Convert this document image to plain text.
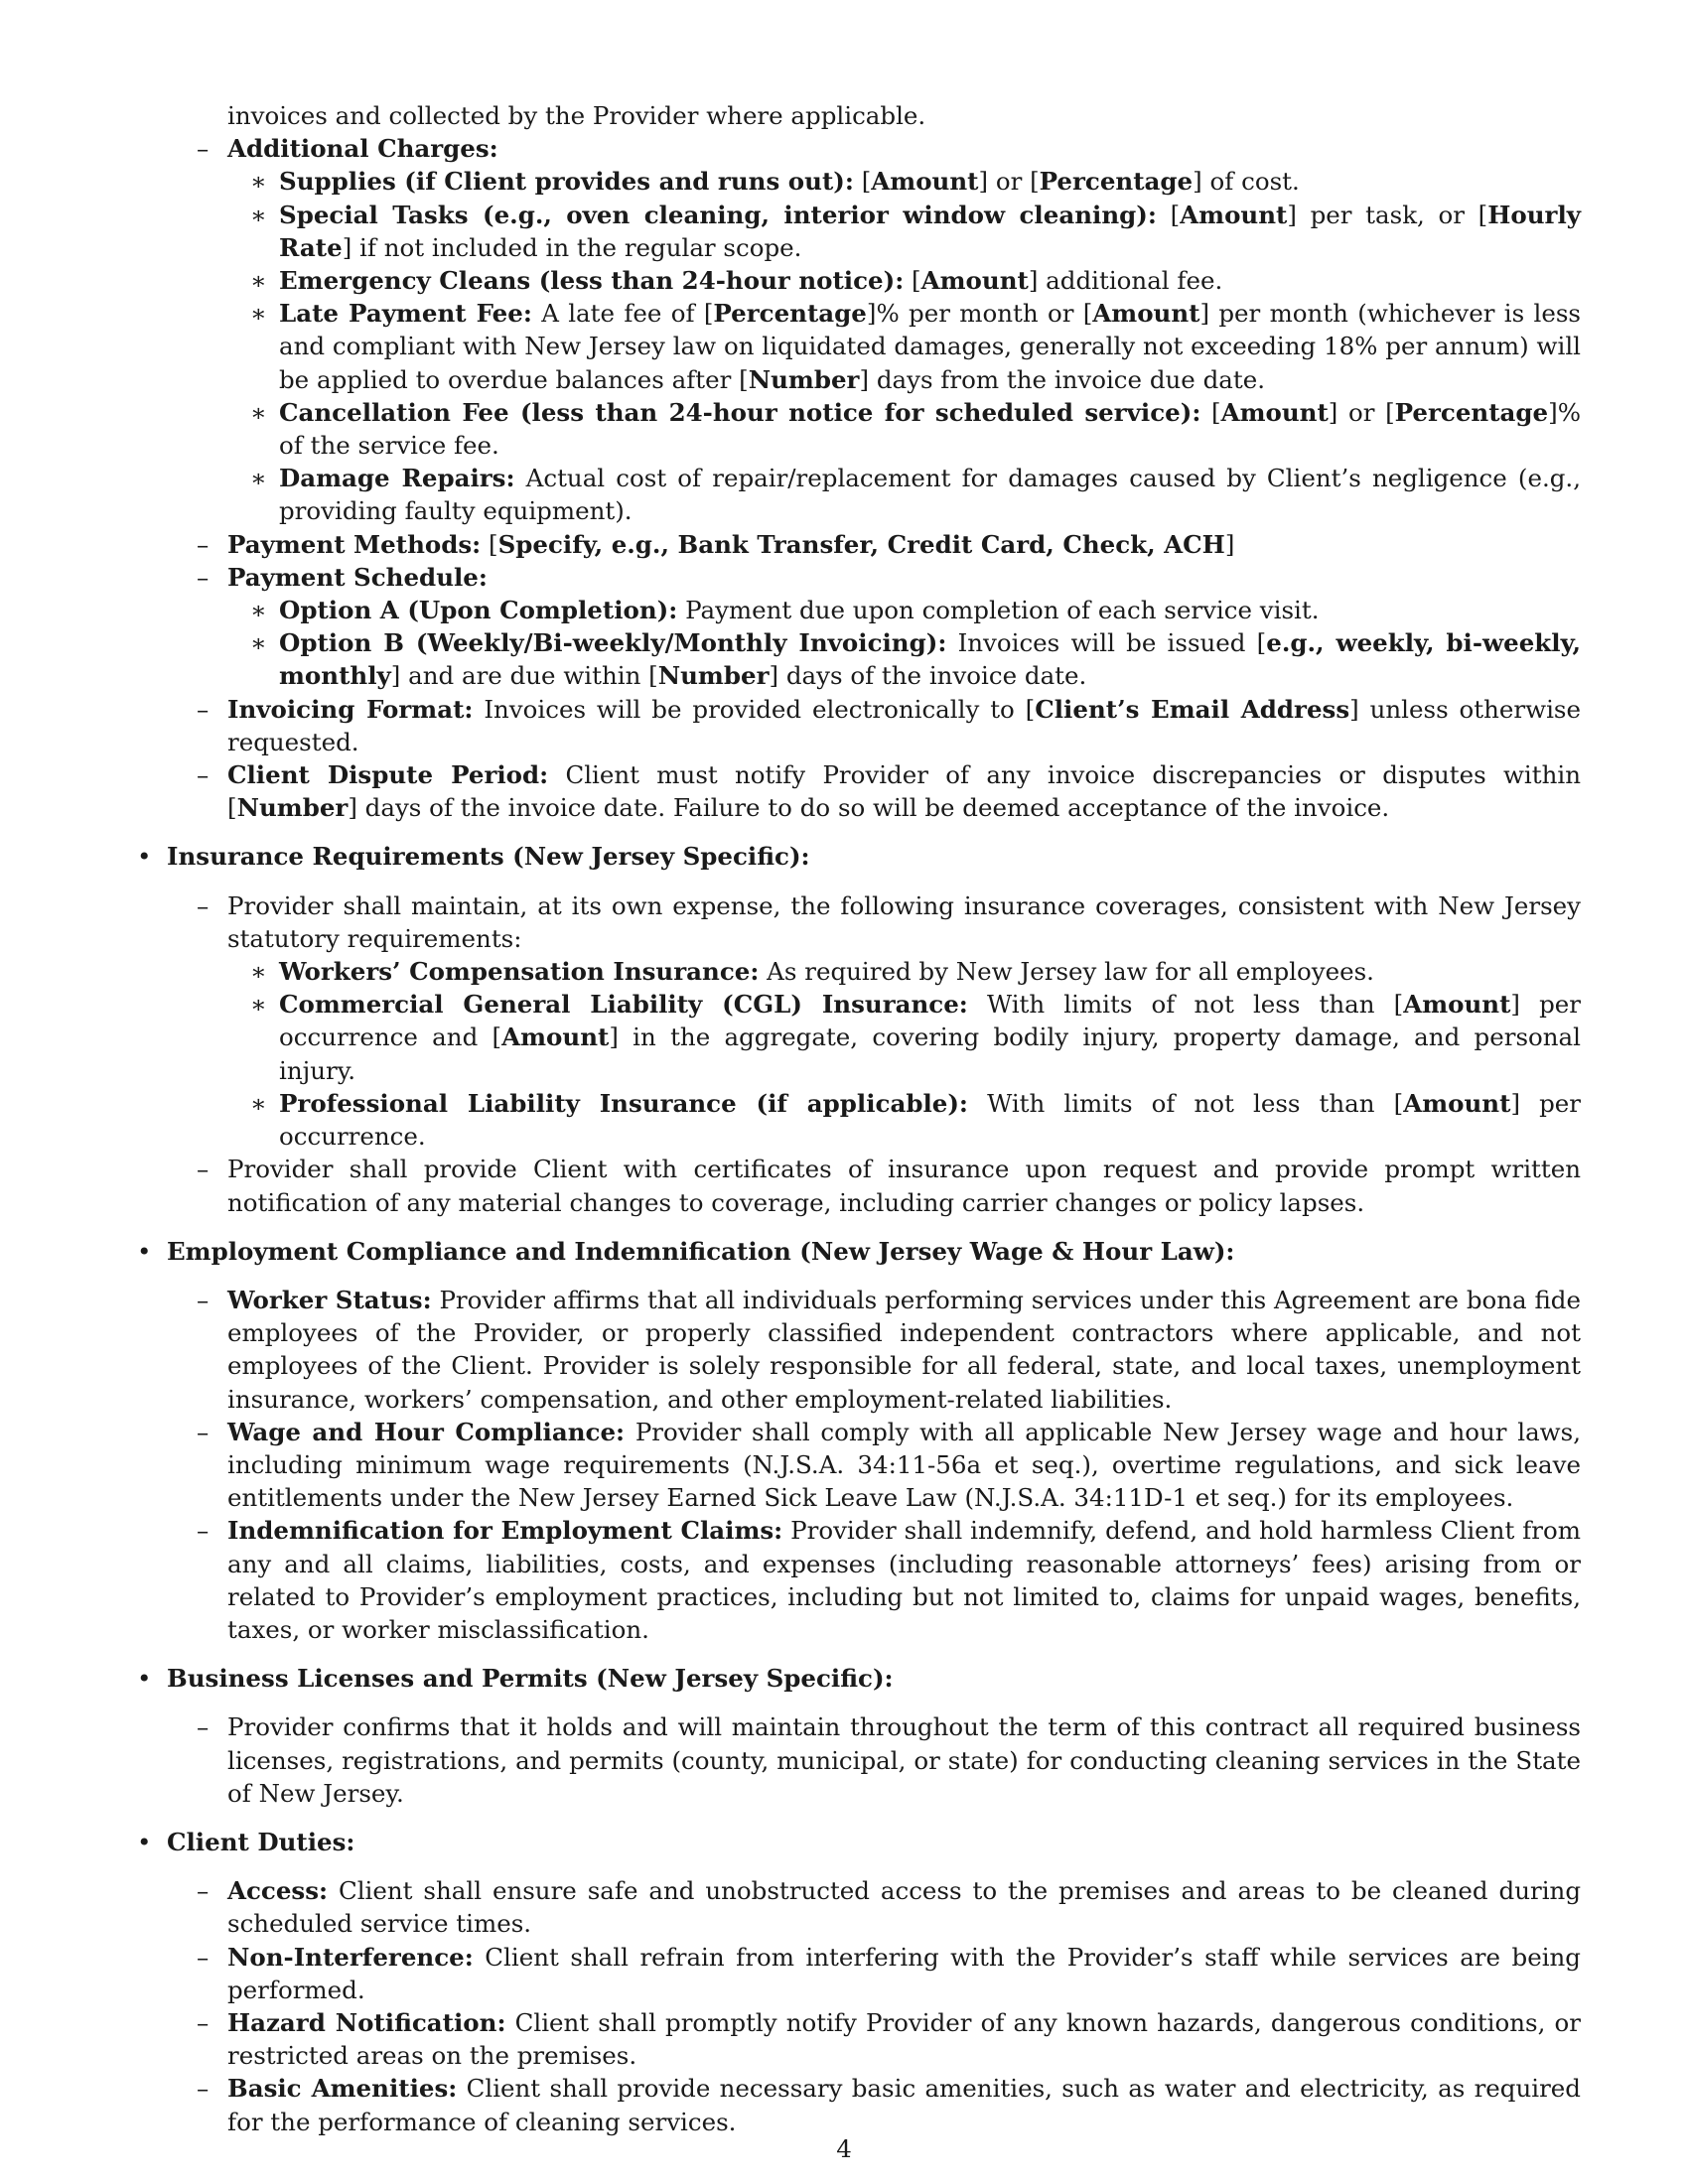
invoices and collected by the Provider where applicable.

– Additional Charges:

∗ Supplies (if Client provides and runs out): [Amount] or [Percentage] of cost.

∗ Special Tasks (e.g., oven cleaning, interior window cleaning): [Amount] per task, or [Hourly Rate] if not included in the regular scope.

∗ Emergency Cleans (less than 24-hour notice): [Amount] additional fee.

∗ Late Payment Fee: A late fee of [Percentage]% per month or [Amount] per month (whichever is less and compliant with New Jersey law on liquidated damages, generally not exceeding 18% per annum) will be applied to overdue balances after [Number] days from the invoice due date.

∗ Cancellation Fee (less than 24-hour notice for scheduled service): [Amount] or [Percentage]% of the service fee.

∗ Damage Repairs: Actual cost of repair/replacement for damages caused by Client’s negligence (e.g., providing faulty equipment).

– Payment Methods: [Specify, e.g., Bank Transfer, Credit Card, Check, ACH]

– Payment Schedule:

∗ Option A (Upon Completion): Payment due upon completion of each service visit.

∗ Option B (Weekly/Bi-weekly/Monthly Invoicing): Invoices will be issued [e.g., weekly, bi-weekly, monthly] and are due within [Number] days of the invoice date.

– Invoicing Format: Invoices will be provided electronically to [Client’s Email Address] unless otherwise requested.

– Client Dispute Period: Client must notify Provider of any invoice discrepancies or disputes within [Number] days of the invoice date. Failure to do so will be deemed acceptance of the invoice.

• Insurance Requirements (New Jersey Specific):

– Provider shall maintain, at its own expense, the following insurance coverages, consistent with New Jersey statutory requirements:

∗ Workers’ Compensation Insurance: As required by New Jersey law for all employees.

∗ Commercial General Liability (CGL) Insurance: With limits of not less than [Amount] per occurrence and [Amount] in the aggregate, covering bodily injury, property damage, and personal injury.

∗ Professional Liability Insurance (if applicable): With limits of not less than [Amount] per occurrence.

– Provider shall provide Client with certificates of insurance upon request and provide prompt written notification of any material changes to coverage, including carrier changes or policy lapses.

• Employment Compliance and Indemnification (New Jersey Wage & Hour Law):

– Worker Status: Provider affirms that all individuals performing services under this Agreement are bona fide employees of the Provider, or properly classified independent contractors where applicable, and not employees of the Client. Provider is solely responsible for all federal, state, and local taxes, unemployment insurance, workers’ compensation, and other employment-related liabilities.

– Wage and Hour Compliance: Provider shall comply with all applicable New Jersey wage and hour laws, including minimum wage requirements (N.J.S.A. 34:11-56a et seq.), overtime regulations, and sick leave entitlements under the New Jersey Earned Sick Leave Law (N.J.S.A. 34:11D-1 et seq.) for its employees.

– Indemnification for Employment Claims: Provider shall indemnify, defend, and hold harmless Client from any and all claims, liabilities, costs, and expenses (including reasonable attorneys’ fees) arising from or related to Provider’s employment practices, including but not limited to, claims for unpaid wages, benefits, taxes, or worker misclassification.

• Business Licenses and Permits (New Jersey Specific):

– Provider confirms that it holds and will maintain throughout the term of this contract all required business licenses, registrations, and permits (county, municipal, or state) for conducting cleaning services in the State of New Jersey.

• Client Duties:

– Access: Client shall ensure safe and unobstructed access to the premises and areas to be cleaned during scheduled service times.

– Non-Interference: Client shall refrain from interfering with the Provider’s staff while services are being performed.

– Hazard Notification: Client shall promptly notify Provider of any known hazards, dangerous conditions, or restricted areas on the premises.

– Basic Amenities: Client shall provide necessary basic amenities, such as water and electricity, as required for the performance of cleaning services.

4
